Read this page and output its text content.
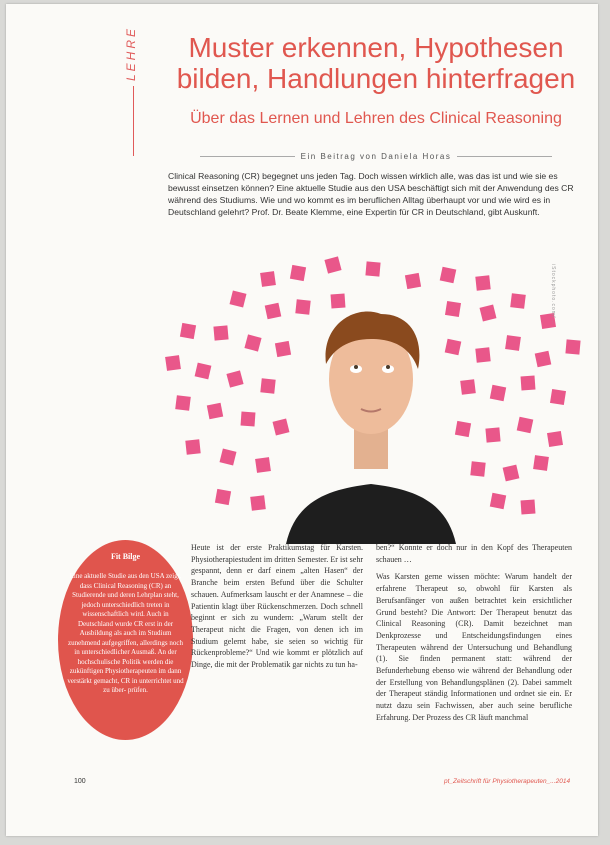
LEHRE	Muster erkennen, Hypothesen bilden, Handlungen hinterfragen
Über das Lernen und Lehren des Clinical Reasoning
Ein Beitrag von Daniela Horas
Clinical Reasoning (CR) begegnet uns jeden Tag. Doch wissen wirklich alle, was das ist und wie sie es bewusst einsetzen können? Eine aktuelle Studie aus den USA beschäftigt sich mit der Anwendung des CR während des Studiums. Wie und wo kommt es im beruflichen Alltag überhaupt vor und wie wird es in Deutschland gelehrt? Prof. Dr. Beate Klemme, eine Expertin für CR in Deutschland, gibt Auskunft.
iStockphoto.com/...
Fit Bilge
Eine aktuelle Studie aus den USA zeigt, dass Clinical Reasoning (CR) an Studierende und deren Lehrplan steht, jedoch unterschiedlich treten in wissenschaftlich wird. Auch in Deutschland wurde CR erst in der Ausbildung als auch im Studium zunehmend aufgegriffen, allerdings noch in unterschiedlicher Ausmaß. An der hochschulische Politik werden die zukünftigen Physiotherapeuten im dann verstärkt gemacht, CR in unterrichtet und zu über- prüfen.

Heute ist der erste Praktikumstag für Karsten. Physiotherapiestudent im dritten Semester. Er ist sehr gespannt, denn er darf einem „alten Hasen“ der Branche beim ersten Befund über die Schulter schauen. Aufmerksam lauscht er der Anamnese – die Patientin klagt über Rückenschmerzen. Doch schnell beginnt er sich zu wundern: „Warum stellt der Therapeut nicht die Fragen, von denen ich im Studium gelernt habe, sie seien so wichtig für Rückenprobleme?“ Und wie kommt er plötzlich auf Dinge, die mit der Problematik gar nichts zu tun ha-

ben?“ Konnte er doch nur in den Kopf des Therapeuten schauen …

Was Karsten gerne wissen möchte: Warum handelt der erfahrene Therapeut so, obwohl für Karsten als Berufsanfänger von außen betrachtet kein ersichtlicher Grund besteht? Die Antwort: Der Therapeut benutzt das Clinical Reasoning (CR). Damit bezeichnet man Denkprozesse und Entscheidungsfindungen eines Therapeuten während der Untersuchung und Behandlung (1). Sie finden permanent statt: während der Befunderhebung ebenso wie während der Behandlung oder der Erstellung von Behandlungsplänen (2). Dabei sammelt der Therapeut ständig Informationen und ordnet sie ein. Er nutzt dazu sein Fachwissen, aber auch seine berufliche Erfahrung. Der Prozess des CR läuft manchmal

100	pt_Zeitschrift für Physiotherapeuten_...2014
